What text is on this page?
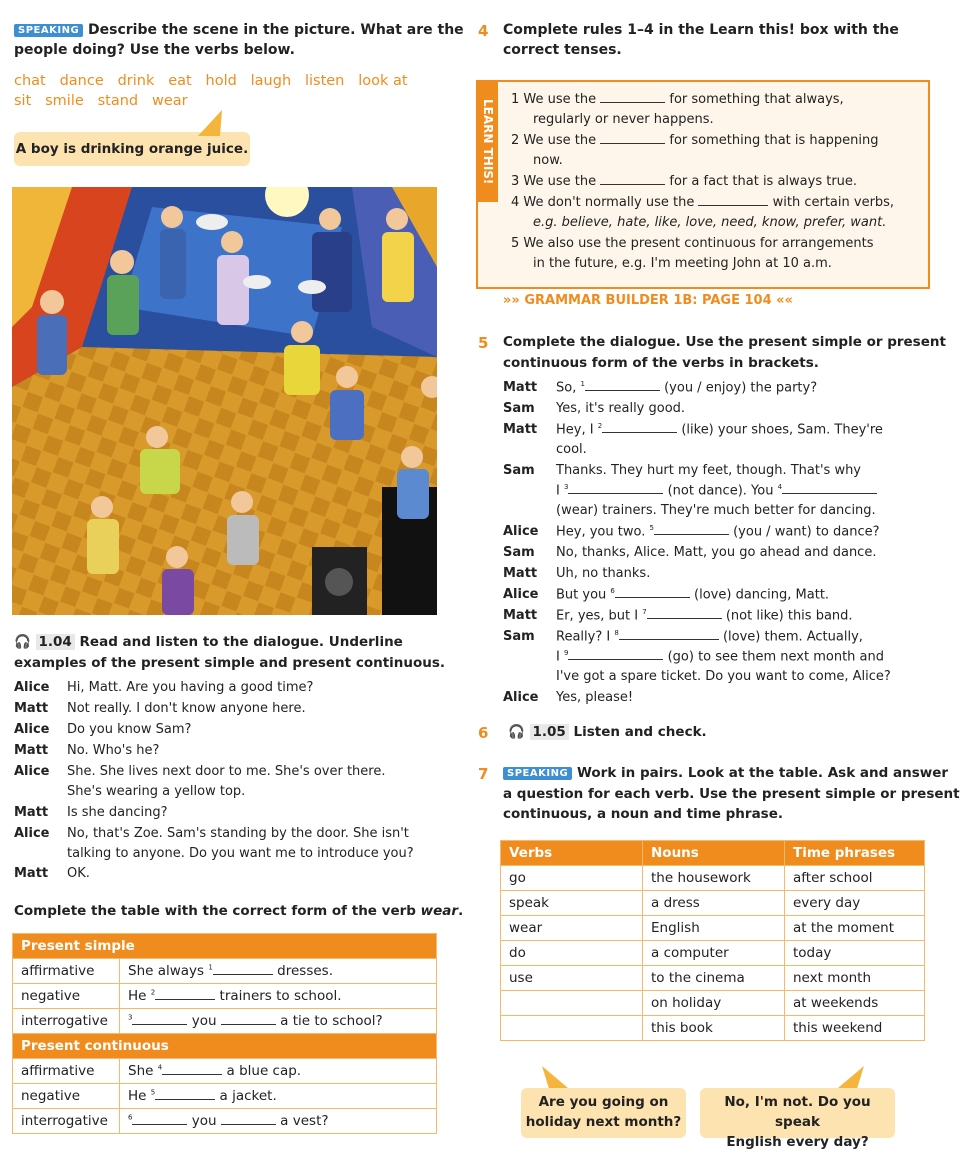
SPEAKING Describe the scene in the picture. What are the
people doing? Use the verbs below.
chat dance drink eat hold laugh listen look at
sit smile stand wear
A boy is drinking orange juice.
🎧 1.04 Read and listen to the dialogue. Underline
examples of the present simple and present continuous.
Alice Hi, Matt. Are you having a good time?
Matt Not really. I don't know anyone here.
Alice Do you know Sam?
Matt No. Who's he?
Alice She. She lives next door to me. She's over there.
She's wearing a yellow top.
Matt Is she dancing?
Alice No, that's Zoe. Sam's standing by the door. She isn't
talking to anyone. Do you want me to introduce you?
Matt OK.
Complete the table with the correct form of the verb wear.
Present simple	
affirmative	She always $^1$ dresses.
negative	He $^2$ trainers to school.
interrogative	$^3$ you a tie to school?
Present continuous	
affirmative	She $^4$ a blue cap.
negative	He $^5$ a jacket.
interrogative	$^6$ you a vest?
4 Complete rules 1–4 in the Learn this! box with the
correct tenses.
LEARN THIS! 1 We use the	for something that always,
regularly or never happens.
2 We use the	for something that is happening
now.
3 We use the	for a fact that is always true.
4 We don't normally use the	with certain verbs,
e.g. believe, hate, like, love, need, know, prefer, want.
5 We also use the present continuous for arrangements
in the future, e.g. I'm meeting John at 10 a.m.
»» GRAMMAR BUILDER 1B: PAGE 104 ««
5 Complete the dialogue. Use the present simple or present
continuous form of the verbs in brackets.
Matt So, $^1$	(you / enjoy) the party?
Sam Yes, it's really good.
Matt Hey, I $^2$	(like) your shoes, Sam. They're
cool.
Sam Thanks. They hurt my feet, though. That's why
I $^3$	(not dance). You $^4$
(wear) trainers. They're much better for dancing.
Alice Hey, you two. $^5$	(you / want) to dance?
Sam No, thanks, Alice. Matt, you go ahead and dance.
Matt Uh, no thanks.
Alice But you $^6$	(love) dancing, Matt.
Matt Er, yes, but I $^7$	(not like) this band.
Sam Really? I $^8$	(love) them. Actually,
I $^9$	(go) to see them next month and
I've got a spare ticket. Do you want to come, Alice?
Alice Yes, please!
6 🎧 1.05 Listen and check.
7	SPEAKING Work in pairs. Look at the table. Ask and answer
a question for each verb. Use the present simple or present
continuous, a noun and time phrase.
Verbs	Nouns	Time phrases
go	the housework	after school
speak	a dress	every day
wear	English	at the moment
do	a computer	today
use	to the cinema	next month
	on holiday	at weekends
	this book	this weekend
Are you going on
holiday next month?
No, I'm not. Do you speak
English every day?
